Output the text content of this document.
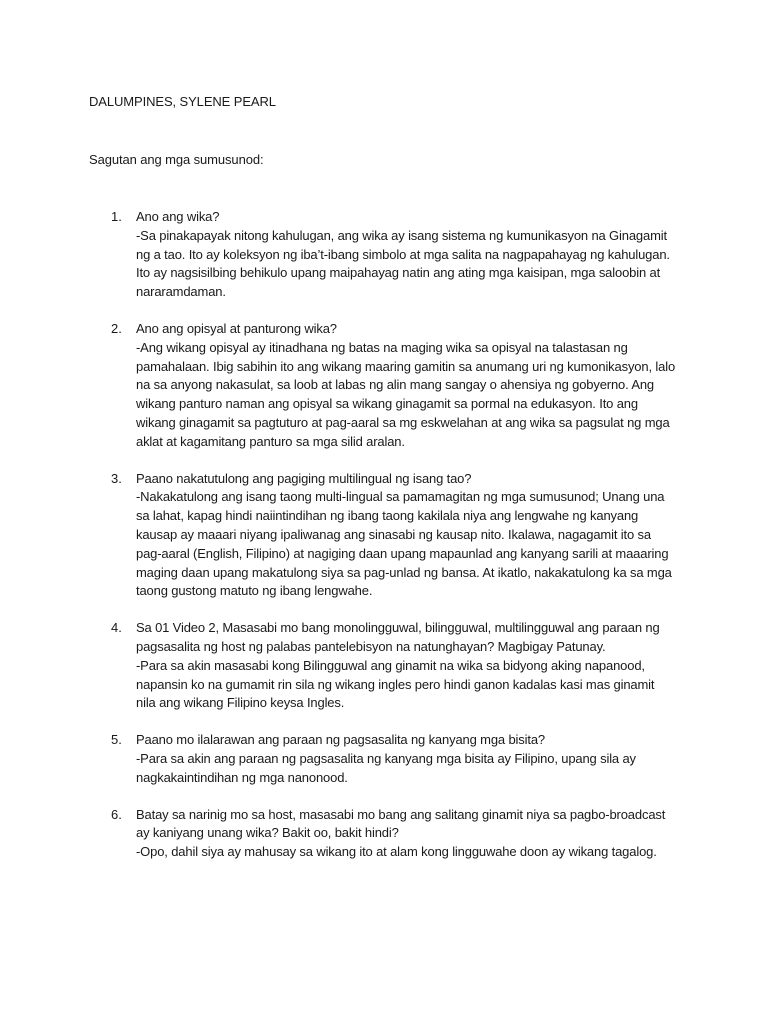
DALUMPINES, SYLENE PEARL
Sagutan ang mga sumusunod:
1. Ano ang wika?

-Sa pinakapayak nitong kahulugan, ang wika ay isang sistema ng kumunikasyon na Ginagamit ng a tao. Ito ay koleksyon ng iba’t-ibang simbolo at mga salita na nagpapahayag ng kahulugan. Ito ay nagsisilbing behikulo upang maipahayag natin ang ating mga kaisipan, mga saloobin at nararamdaman.

2. Ano ang opisyal at panturong wika?

-Ang wikang opisyal ay itinadhana ng batas na maging wika sa opisyal na talastasan ng pamahalaan. Ibig sabihin ito ang wikang maaring gamitin sa anumang uri ng kumonikasyon, lalo na sa anyong nakasulat, sa loob at labas ng alin mang sangay o ahensiya ng gobyerno. Ang wikang panturo naman ang opisyal sa wikang ginagamit sa pormal na edukasyon. Ito ang wikang ginagamit sa pagtuturo at pag-aaral sa mg eskwelahan at ang wika sa pagsulat ng mga aklat at kagamitang panturo sa mga silid aralan.

3. Paano nakatutulong ang pagiging multilingual ng isang tao?

-Nakakatulong ang isang taong multi-lingual sa pamamagitan ng mga sumusunod; Unang una sa lahat, kapag hindi naiintindihan ng ibang taong kakilala niya ang lengwahe ng kanyang kausap ay maaari niyang ipaliwanag ang sinasabi ng kausap nito. Ikalawa, nagagamit ito sa pag-aaral (English, Filipino) at nagiging daan upang mapaunlad ang kanyang sarili at maaaring maging daan upang makatulong siya sa pag-unlad ng bansa. At ikatlo, nakakatulong ka sa mga taong gustong matuto ng ibang lengwahe.

4. Sa 01 Video 2, Masasabi mo bang monolingguwal, bilingguwal, multilingguwal ang paraan ng pagsasalita ng host ng palabas pantelebisyon na natunghayan? Magbigay Patunay.

-Para sa akin masasabi kong Bilingguwal ang ginamit na wika sa bidyong aking napanood, napansin ko na gumamit rin sila ng wikang ingles pero hindi ganon kadalas kasi mas ginamit nila ang wikang Filipino keysa Ingles.

5. Paano mo ilalarawan ang paraan ng pagsasalita ng kanyang mga bisita?

-Para sa akin ang paraan ng pagsasalita ng kanyang mga bisita ay Filipino, upang sila ay nagkakaintindihan ng mga nanonood.

6. Batay sa narinig mo sa host, masasabi mo bang ang salitang ginamit niya sa pagbo-broadcast ay kaniyang unang wika? Bakit oo, bakit hindi?

-Opo, dahil siya ay mahusay sa wikang ito at alam kong lingguwahe doon ay wikang tagalog.
